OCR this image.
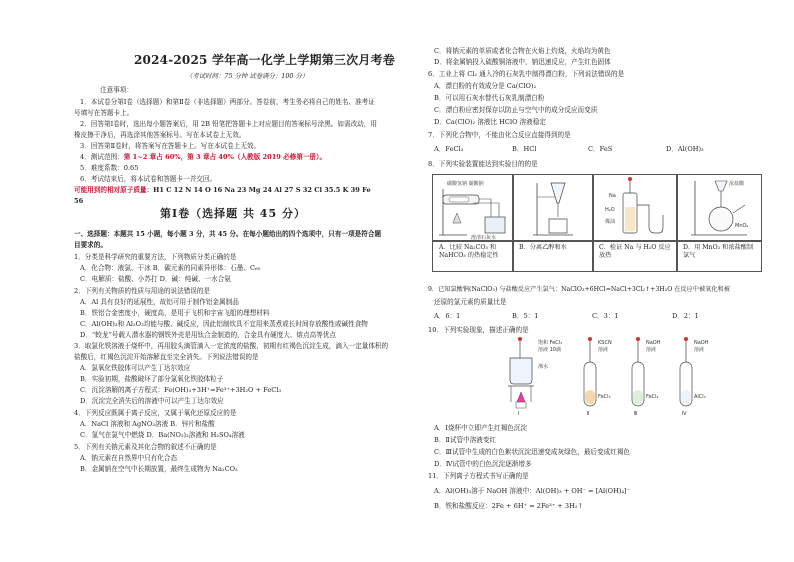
2024-2025 学年高一化学上学期第三次月考卷
（考试时间：75 分钟 试卷满分：100 分）
注意事项：
1．本试卷分第Ⅰ卷（选择题）和第Ⅱ卷（非选择题）两部分。答卷前，考生务必将自己的姓名、准考证
号填写在答题卡上。
2．回答第Ⅰ卷时，选出每小题答案后，用 2B 铅笔把答题卡上对应题目的答案标号涂黑。如需改动，用
橡皮擦干净后，再选涂其他答案标号。写在本试卷上无效。
3．回答第Ⅱ卷时，将答案写在答题卡上。写在本试卷上无效。
4．测试范围：第 1~2 章占 60%，第 3 章占 40%（人教版 2019 必修第一册）。
5．难度系数：0.65
6．考试结束后，将本试卷和答题卡一并交回。
可能用到的相对原子质量：H1 C 12 N 14 O 16 Na 23 Mg 24 Al 27 S 32 Cl 35.5 K 39 Fe
56
第Ⅰ卷（选择题 共 45 分）
一、选择题：本题共 15 小题，每小题 3 分，共 45 分。在每小题给出的四个选项中，只有一项是符合题
目要求的。
1．分类是科学研究的重要方法，下列物质分类正确的是
A．化合物：液氯、干冰 B．碳元素的同素异形体：石墨、C₆₀
C．电解质：盐酸、小苏打 D．碱：纯碱、一水合氨
2．下列有关物质的性质与用途的说法错误的是
A．Al 具有良好的延展性，故铝可用于制作铝金属制品
B．铁铝合金密度小，硬度高，是用于飞机和宇宙飞船的理想材料
C．Al(OH)₃和 Al₂O₃均能与酸、碱反应，因此铝制炊具不宜用来蒸煮或长时间存放酸性或碱性食物
D．“蛟龙”号载人潜水器的钢铁外壳是用钛合金制造的，合金具有硬度大、熔点高等优点
3．取氯化铁溶液于烧杯中，再用胶头滴管滴入一定浓度的盐酸，初期有红褐色沉淀生成，滴入一定量体积的
盐酸后，红褐色沉淀开始溶解直至完全消失。下列说法错误的是
A．氯氧化铁胶体可以产生丁达尔效应
B．实验初期，盐酸破坏了部分氯氧化铁胶体粒子
C．沉淀溶解的离子方程式：Fe(OH)₃+3H⁺=Fe³⁺+3H₂O + FeCl₃
D．沉淀完全消失后的溶液中可以产生丁达尔效应
4．下列反应既属于离子反应，又属于氧化还原反应的是
A．NaCl 溶液和 AgNO₃溶液 B．锌片和盐酸
C．氢气在氯气中燃烧 D．Ba(NO₃)₂溶液和 H₂SO₄溶液
5．下列有关钠元素及其化合物的叙述不正确的是
A．钠元素在自然界中只有化合态
B．金属钠在空气中长期放置，最终生成物为 Na₂CO₃
C．将钠元素的单质或者化合物在火焰上灼烧，火焰均为黄色
D．将金属钠投入硫酸铜溶液中，钠迅速反应，产生红色固体
6．工业上将 Cl₂ 通入冷的石灰乳中制得漂白粉，下列说法错误的是
A．漂白粉的有效成分是 Ca(ClO)₂
B．可以用石灰水替代石灰乳制漂白粉
C．漂白粉应密封保存以防止与空气中的成分反应而变质
D．Ca(ClO)₂ 溶液比 HClO 溶液稳定
7．下列化合物中，不能由化合反应直接得到的是
A．FeCl₃	B．HCl	C．FeS	D．Al(OH)₃
8．下列实验装置能达到实验目的的是
碳酸氢钠 碳酸钠
澄清石灰水
Na
H₂O
煤油
浓盐酸
MnO₂
A．比较 Na₂CO₃ 和 NaHCO₃ 的热稳定性
B．分离乙醇和水	C．检证 Na 与 H₂O 反应放热
D．用 MnO₂ 和浓盐酸制氯气
9．已知氯酸钠(NaClO₃) 与盐酸反应产生氯气：NaClO₃+6HCl=NaCl+3Cl₂↑+3H₂O 在反应中被氧化和被
还原的氯元素的质量比是
A．6：1	B．5：1	C．3：1	D．2：1
10．下列实验现象，描述正确的是
饱和 FeCl₃
溶液 10滴
沸水
Ⅰ
KSCN
溶液
FeCl₃
Ⅱ
NaOH
溶液
FeCl₂
Ⅲ
NaOH
溶液
AlCl₃
Ⅳ
A．Ⅰ烧杯中立即产生红褐色沉淀
B．Ⅱ试管中溶液变红
C．Ⅲ试管中生成的白色絮状沉淀迅速变成灰绿色，最后变成红褐色
D．Ⅳ试管中的白色沉淀逐渐增多
11．下列离子方程式书写正确的是
A．Al(OH)₃溶于 NaOH 溶液中：Al(OH)₃ + OH⁻ = [Al(OH)₄]⁻
B．铁和盐酸反应：2Fe + 6H⁺ = 2Fe³⁺ + 3H₂↑
